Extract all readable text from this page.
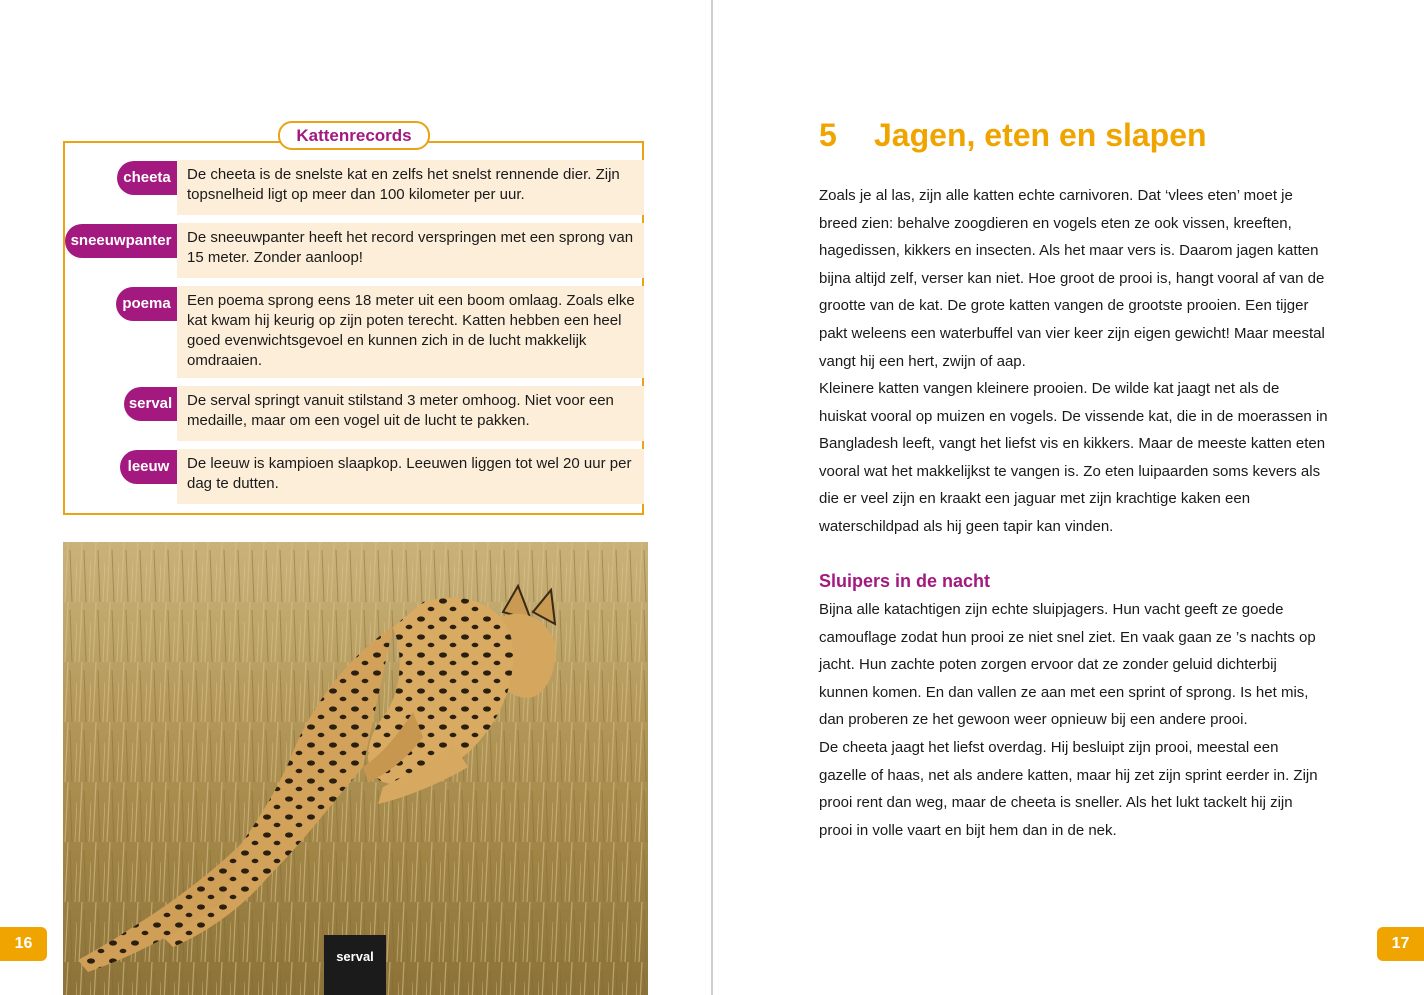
Kattenrecords
De cheeta is de snelste kat en zelfs het snelst rennende dier. Zijn topsnelheid ligt op meer dan 100 kilometer per uur.
cheeta
De sneeuwpanter heeft het record verspringen met een sprong van 15 meter. Zonder aanloop!
sneeuwpanter
Een poema sprong eens 18 meter uit een boom omlaag. Zoals elke kat kwam hij keurig op zijn poten terecht. Katten hebben een heel goed evenwichtsgevoel en kunnen zich in de lucht makkelijk omdraaien.
poema
De serval springt vanuit stilstand 3 meter omhoog. Niet voor een medaille, maar om een vogel uit de lucht te pakken.
serval
De leeuw is kampioen slaapkop. Leeuwen liggen tot wel 20 uur per dag te dutten.
leeuw
serval
16
5 Jagen, eten en slapen

Zoals je al las, zijn alle katten echte carnivoren. Dat ‘vlees eten’ moet je breed zien: behalve zoogdieren en vogels eten ze ook vissen, kreeften, hagedissen, kikkers en insecten. Als het maar vers is. Daarom jagen katten bijna altijd zelf, verser kan niet. Hoe groot de prooi is, hangt vooral af van de grootte van de kat. De grote katten vangen de grootste prooien. Een tijger pakt weleens een waterbuffel van vier keer zijn eigen gewicht! Maar meestal vangt hij een hert, zwijn of aap.

Kleinere katten vangen kleinere prooien. De wilde kat jaagt net als de huiskat vooral op muizen en vogels. De vissende kat, die in de moerassen in Bangladesh leeft, vangt het liefst vis en kikkers. Maar de meeste katten eten vooral wat het makkelijkst te vangen is. Zo eten luipaarden soms kevers als die er veel zijn en kraakt een jaguar met zijn krachtige kaken een waterschildpad als hij geen tapir kan vinden.

Sluipers in de nacht

Bijna alle katachtigen zijn echte sluipjagers. Hun vacht geeft ze goede camouflage zodat hun prooi ze niet snel ziet. En vaak gaan ze ’s nachts op jacht. Hun zachte poten zorgen ervoor dat ze zonder geluid dichterbij kunnen komen. En dan vallen ze aan met een sprint of sprong. Is het mis, dan proberen ze het gewoon weer opnieuw bij een andere prooi.

De cheeta jaagt het liefst overdag. Hij besluipt zijn prooi, meestal een gazelle of haas, net als andere katten, maar hij zet zijn sprint eerder in. Zijn prooi rent dan weg, maar de cheeta is sneller. Als het lukt tackelt hij zijn prooi in volle vaart en bijt hem dan in de nek.

17
